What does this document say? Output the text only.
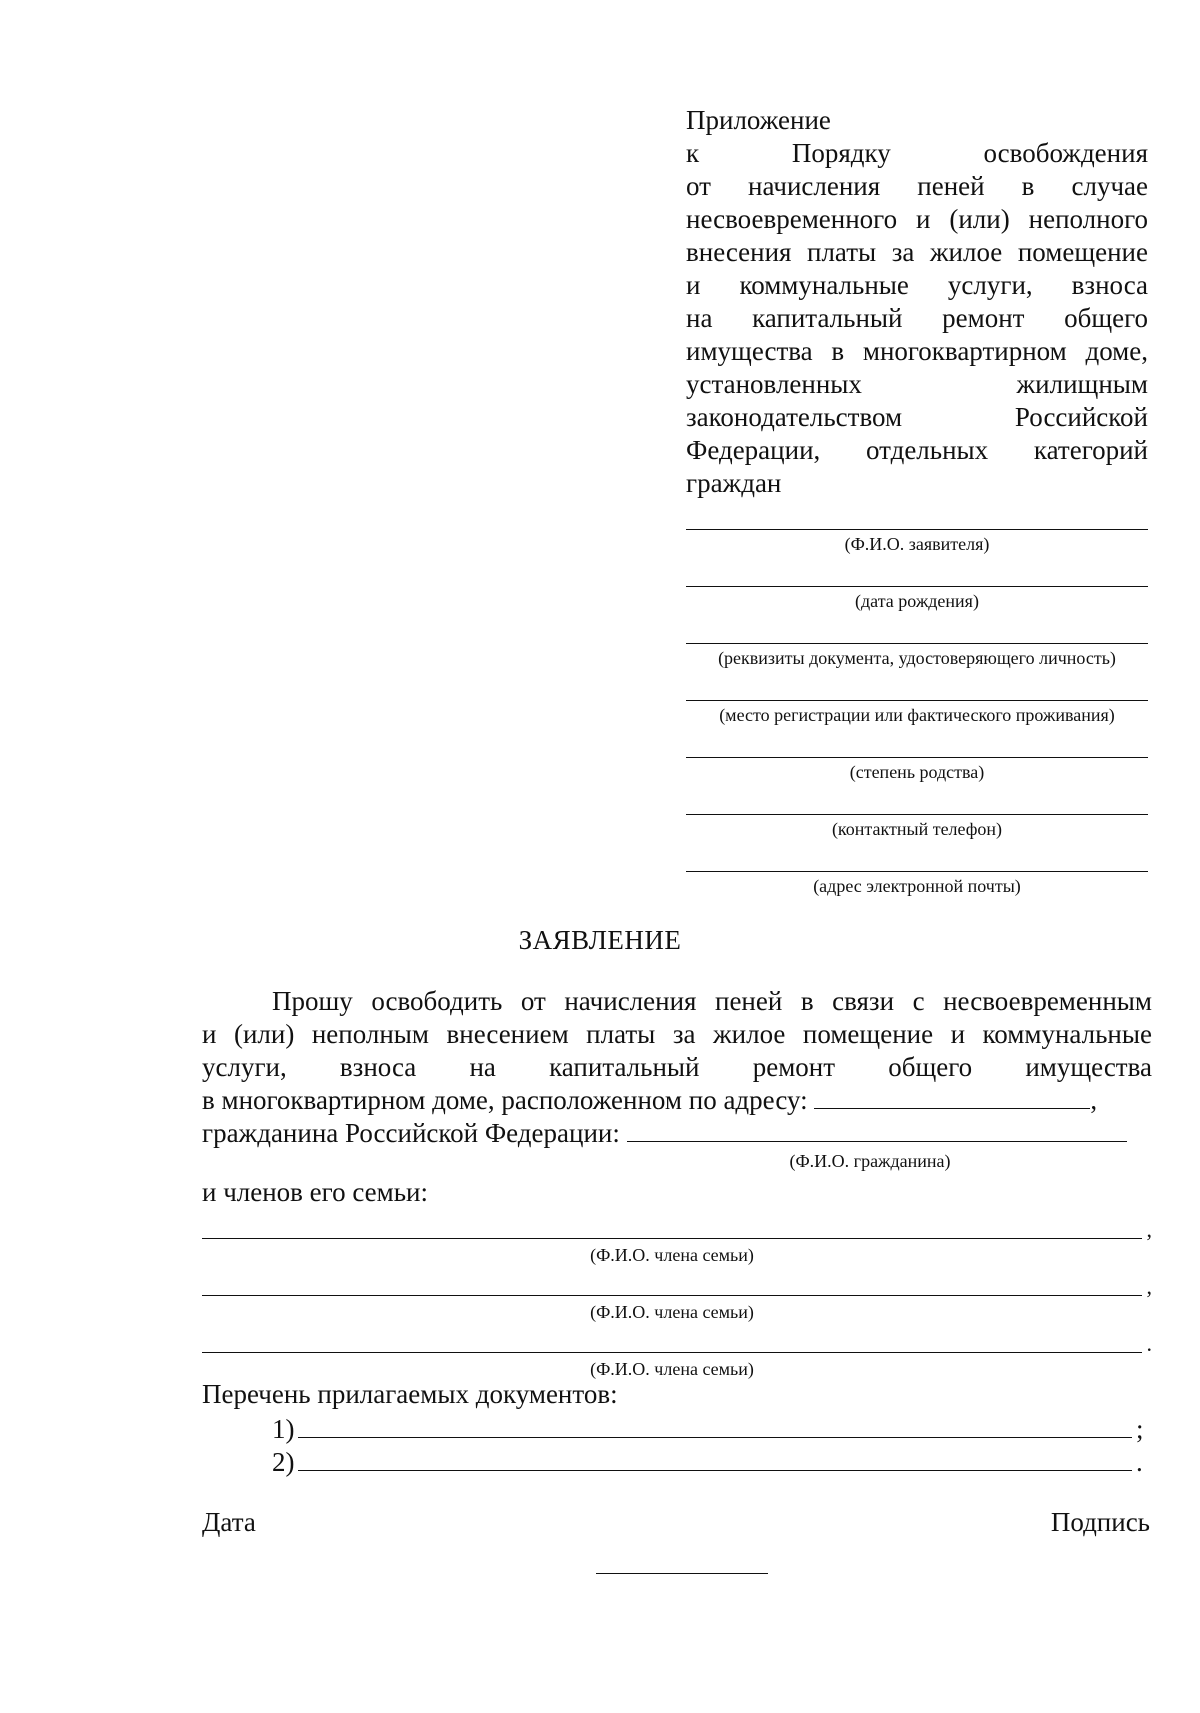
Приложение
к Порядку освобождения
от начисления пеней в случае
несвоевременного и (или) неполного
внесения платы за жилое помещение
и коммунальные услуги, взноса
на капитальный ремонт общего
имущества в многоквартирном доме,
установленных жилищным
законодательством Российской
Федерации, отдельных категорий
граждан
(Ф.И.О. заявителя)
(дата рождения)
(реквизиты документа, удостоверяющего личность)
(место регистрации или фактического проживания)
(степень родства)
(контактный телефон)
(адрес электронной почты)
ЗАЯВЛЕНИЕ
Прошу освободить от начисления пеней в связи с несвоевременным
и (или) неполным внесением платы за жилое помещение и коммунальные
услуги, взноса на капитальный ремонт общего имущества
в многоквартирном доме, расположенном по адресу:	,
гражданина Российской Федерации:
(Ф.И.О. гражданина)
и членов его семьи:
,
(Ф.И.О. члена семьи)
,
(Ф.И.О. члена семьи)
.
(Ф.И.О. члена семьи)
Перечень прилагаемых документов:
1)	;
2)	.
Дата	Подпись
